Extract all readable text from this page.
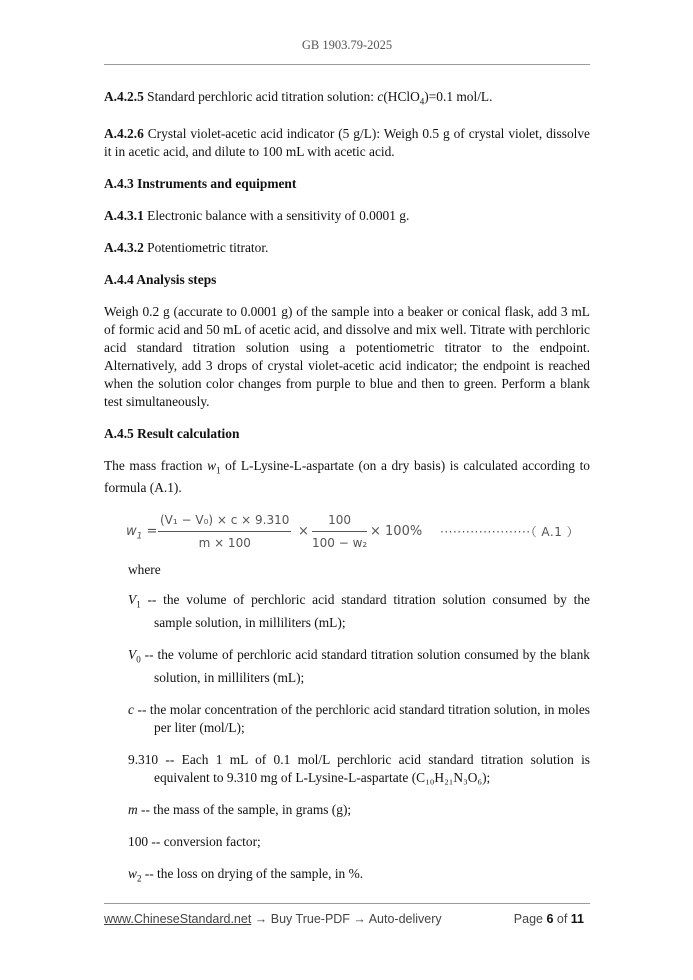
GB 1903.79-2025

A.4.2.5 Standard perchloric acid titration solution: c(HClO$_4$)=0.1 mol/L.

A.4.2.6 Crystal violet-acetic acid indicator (5 g/L): Weigh 0.5 g of crystal violet, dissolve it in acetic acid, and dilute to 100 mL with acetic acid.

A.4.3 Instruments and equipment

A.4.3.1 Electronic balance with a sensitivity of 0.0001 g.

A.4.3.2 Potentiometric titrator.

A.4.4 Analysis steps

Weigh 0.2 g (accurate to 0.0001 g) of the sample into a beaker or conical flask, add 3 mL of formic acid and 50 mL of acetic acid, and dissolve and mix well. Titrate with perchloric acid standard titration solution using a potentiometric titrator to the endpoint. Alternatively, add 3 drops of crystal violet-acetic acid indicator; the endpoint is reached when the solution color changes from purple to blue and then to green. Perform a blank test simultaneously.

A.4.5 Result calculation

The mass fraction $w_1$ of L-Lysine-L-aspartate (on a dry basis) is calculated according to formula (A.1).

$w_1 = \frac{\text{(V₁ − V₀) × c × 9.310}}{m \times 100} \times \frac{100}{\text{100 − w₂}} \times 100\%$ ·····················（ A.1 ）

where

$V_1$ -- the volume of perchloric acid standard titration solution consumed by the sample solution, in milliliters (mL);

$V_0$ -- the volume of perchloric acid standard titration solution consumed by the blank solution, in milliliters (mL);

c -- the molar concentration of the perchloric acid standard titration solution, in moles per liter (mol/L);

9.310 -- Each 1 mL of 0.1 mol/L perchloric acid standard titration solution is equivalent to 9.310 mg of L-Lysine-L-aspartate (C₁₀H₂₁N₃O₆);

m -- the mass of the sample, in grams (g);

100 -- conversion factor;

$w_2$ -- the loss on drying of the sample, in %.

www.ChineseStandard.net → Buy True-PDF → Auto-delivery	Page 6 of 11
